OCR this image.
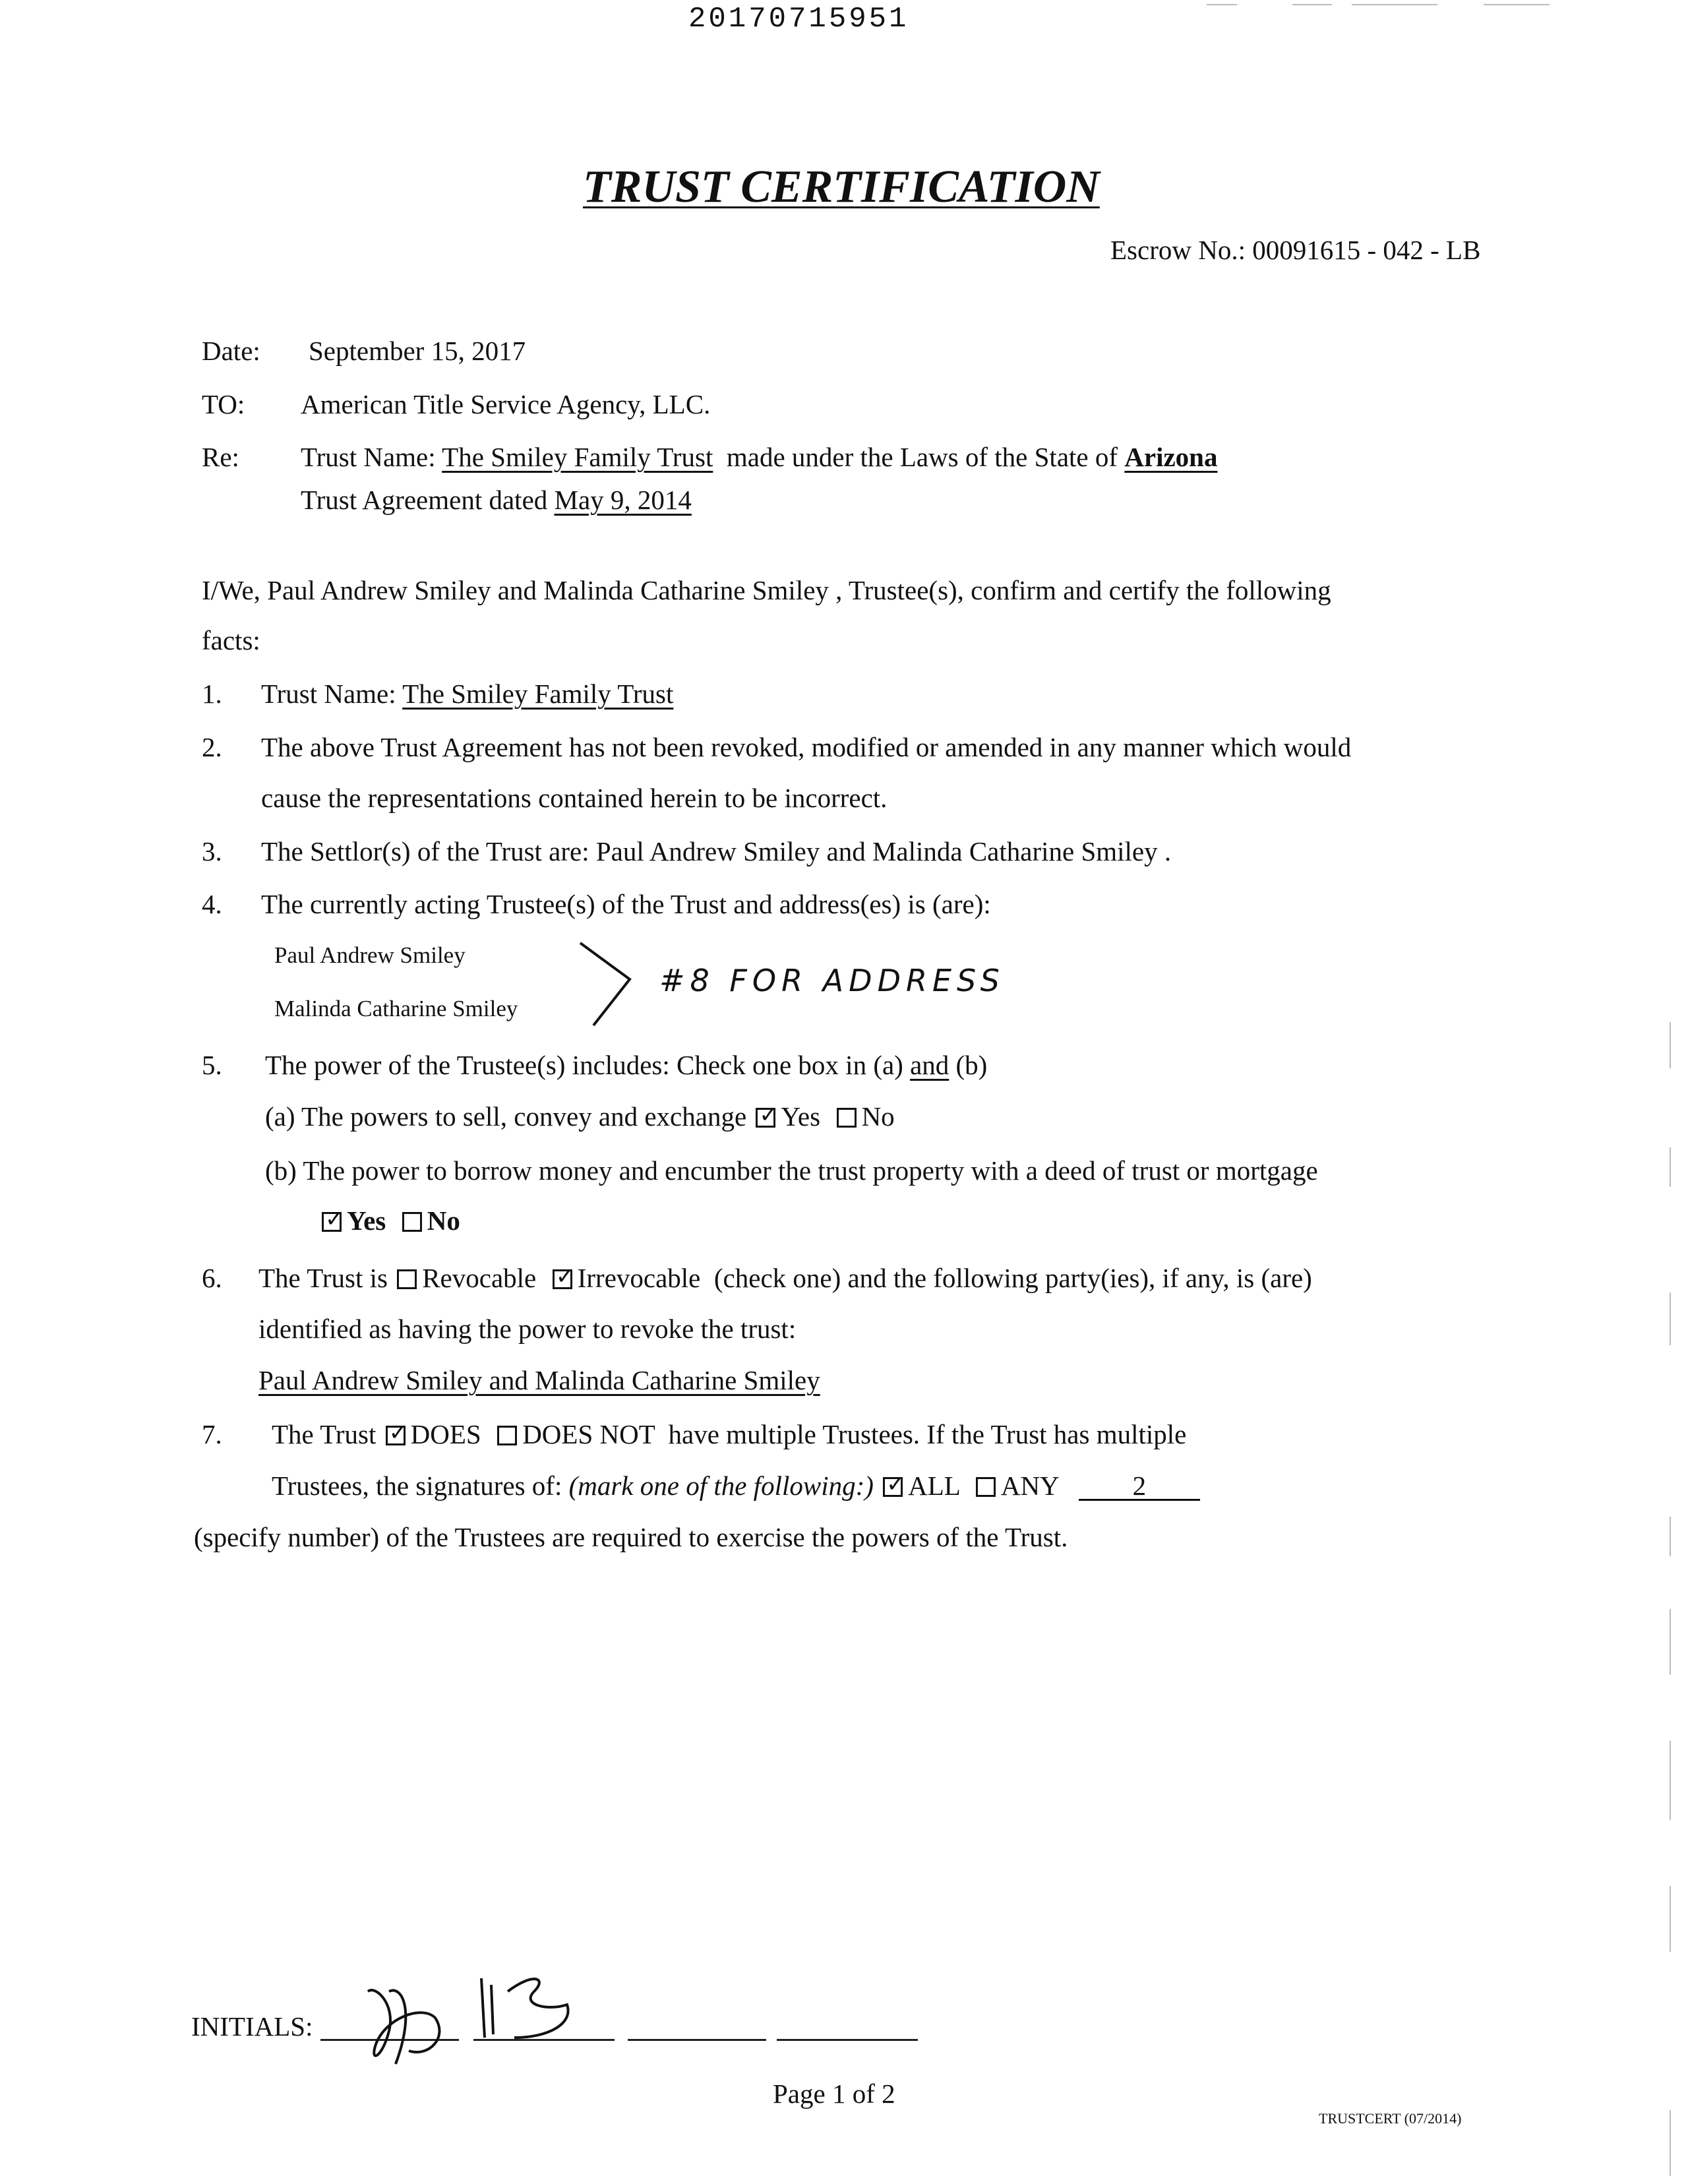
20170715951
TRUST CERTIFICATION
Escrow No.: 00091615 - 042 - LB
Date: September 15, 2017
TO: American Title Service Agency, LLC.
Re: Trust Name: The Smiley Family Trust made under the Laws of the State of Arizona
Trust Agreement dated May 9, 2014
I/We, Paul Andrew Smiley and Malinda Catharine Smiley , Trustee(s), confirm and certify the following
facts:
1. Trust Name: The Smiley Family Trust
2. The above Trust Agreement has not been revoked, modified or amended in any manner which would
cause the representations contained herein to be incorrect.
3. The Settlor(s) of the Trust are: Paul Andrew Smiley and Malinda Catharine Smiley .
4. The currently acting Trustee(s) of the Trust and address(es) is (are):
Paul Andrew Smiley
Malinda Catharine Smiley
#8 FOR ADDRESS
5. The power of the Trustee(s) includes: Check one box in (a) and (b)
(a) The powers to sell, convey and exchange ✓ Yes No
(b) The power to borrow money and encumber the trust property with a deed of trust or mortgage
✓Yes No
6. The Trust is Revocable ✓ Irrevocable (check one) and the following party(ies), if any, is (are)
identified as having the power to revoke the trust:
Paul Andrew Smiley and Malinda Catharine Smiley
7. The Trust ✓ DOES DOES NOT have multiple Trustees. If the Trust has multiple
Trustees, the signatures of: (mark one of the following:) ✓ ALL ANY	2
(specify number) of the Trustees are required to exercise the powers of the Trust.
INITIALS:
Page 1 of 2
TRUSTCERT (07/2014)
